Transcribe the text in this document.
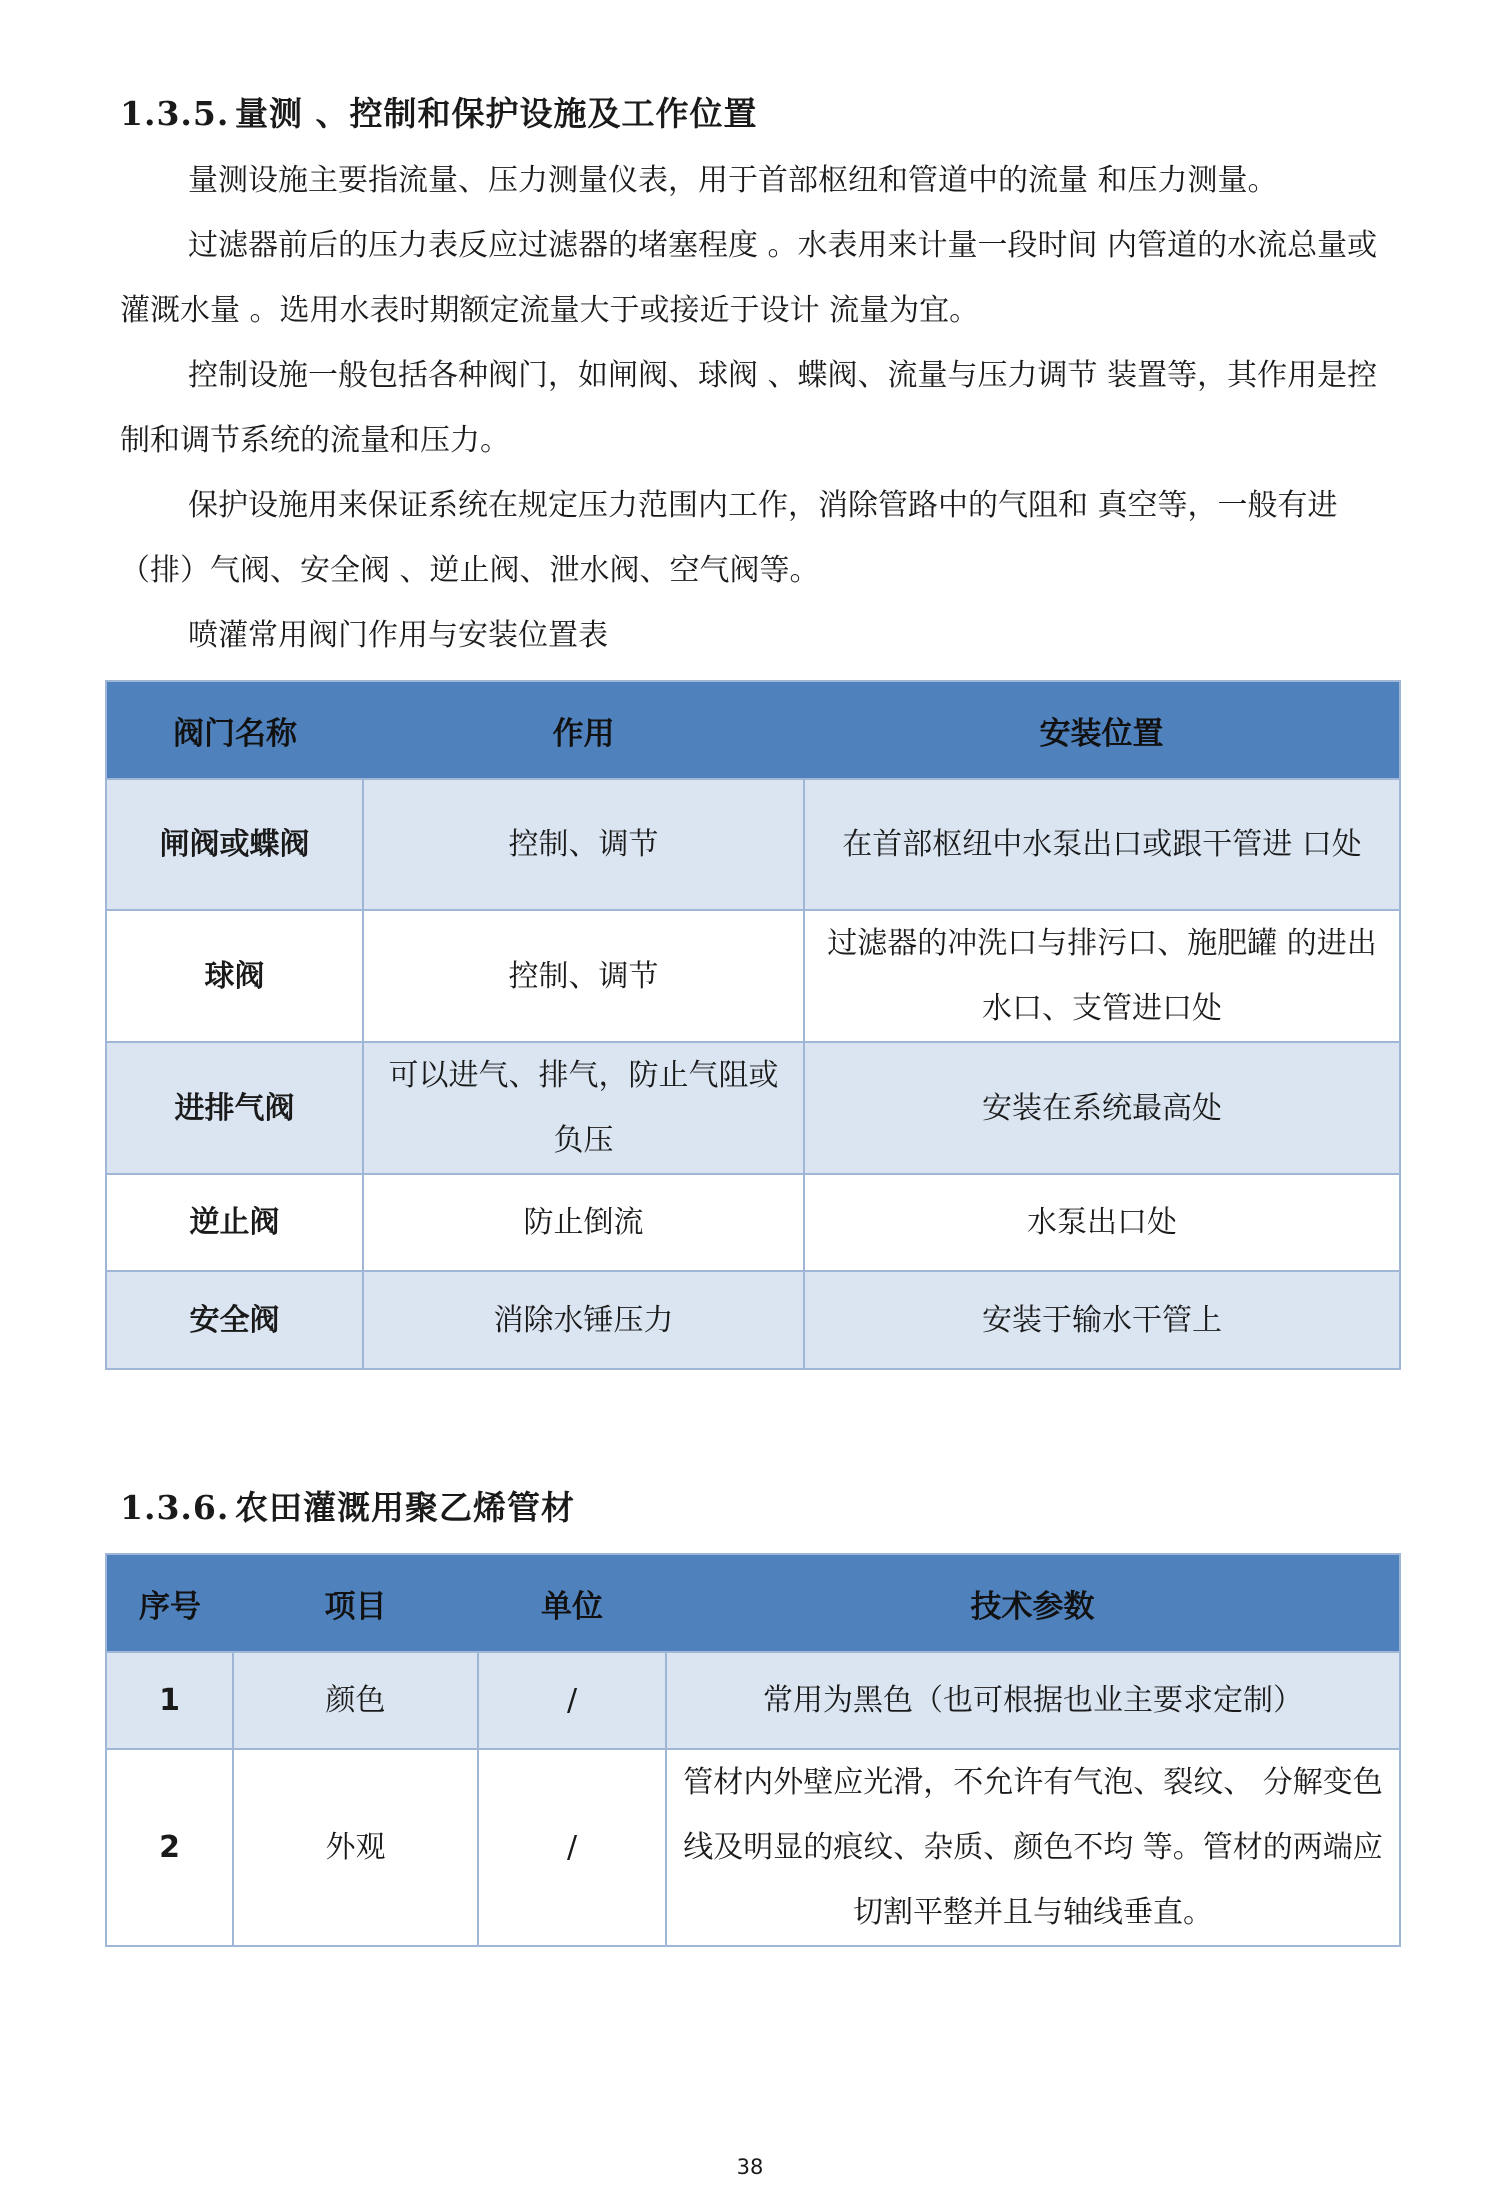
1.3.5. 量测 、控制和保护设施及工作位置

量测设施主要指流量、压力测量仪表，用于首部枢纽和管道中的流量 和压力测量。

过滤器前后的压力表反应过滤器的堵塞程度 。水表用来计量一段时间 内管道的水流总量或灌溉水量 。选用水表时期额定流量大于或接近于设计 流量为宜。

控制设施一般包括各种阀门，如闸阀、球阀 、蝶阀、流量与压力调节 装置等，其作用是控制和调节系统的流量和压力。

保护设施用来保证系统在规定压力范围内工作，消除管路中的气阻和 真空等，一般有进（排）气阀、安全阀 、逆止阀、泄水阀、空气阀等。

喷灌常用阀门作用与安装位置表

阀门名称	作用	安装位置
闸阀或蝶阀	控制、调节	在首部枢纽中水泵出口或跟干管进 口处
球阀	控制、调节	过滤器的冲洗口与排污口、施肥罐 的进出水口、支管进口处
进排气阀	可以进气、排气，防止气阻或负压	安装在系统最高处
逆止阀	防止倒流	水泵出口处
安全阀	消除水锤压力	安装于输水干管上
1.3.6. 农田灌溉用聚乙烯管材
序号	项目	单位	技术参数
1	颜色	/	常用为黑色（也可根据也业主要求定制）
2	外观	/	管材内外壁应光滑，不允许有气泡、裂纹、 分解变色线及明显的痕纹、杂质、颜色不均 等。管材的两端应切割平整并且与轴线垂直。
38
